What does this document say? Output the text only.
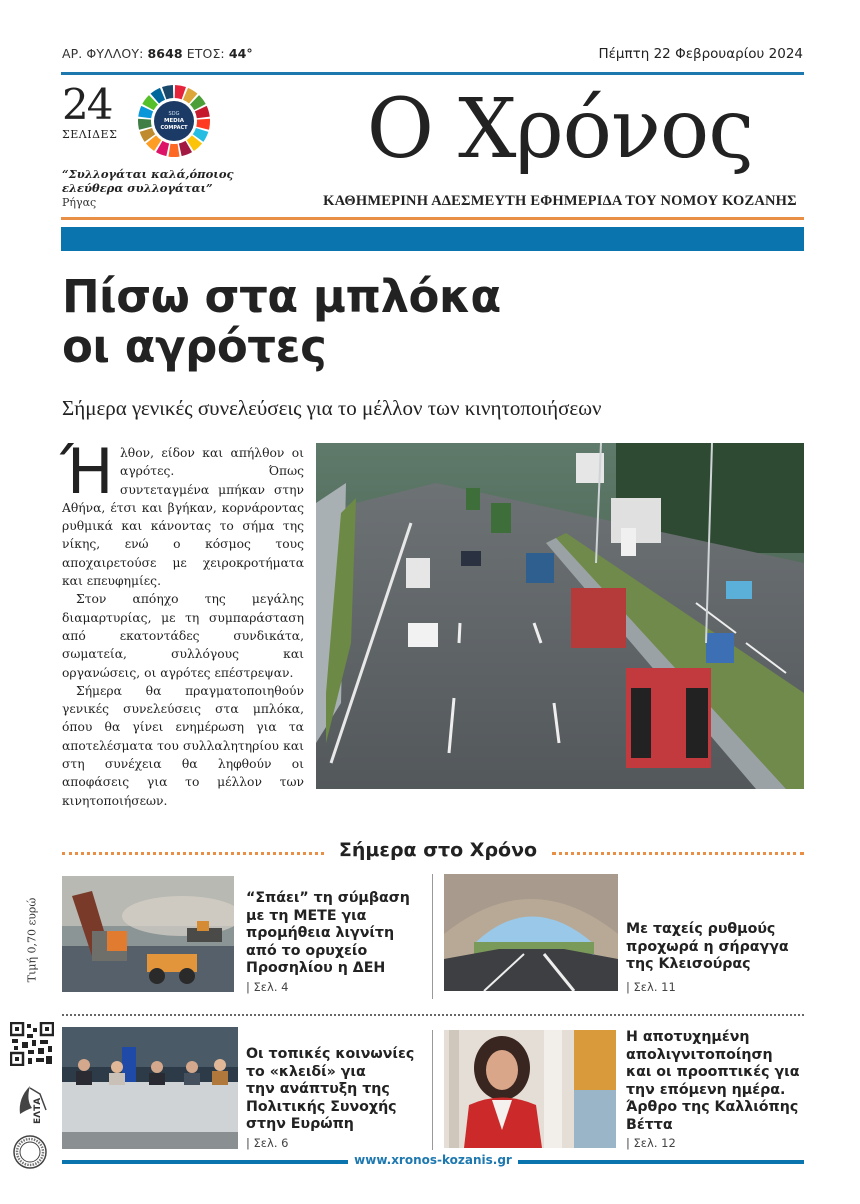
ΑΡ. ΦΥΛΛΟΥ: 8648 ΕΤΟΣ: 44°	Πέμπτη 22 Φεβρουαρίου 2024
24
ΣΕΛΙΔΕΣ
SDG
MEDIA
COMPACT
“Συλλογάται καλά,όποιος
ελεύθερα συλλογάται”
Ρήγας
Ο Χρόνος
ΚΑΘΗΜΕΡΙΝΗ ΑΔΕΣΜΕΥΤΗ ΕΦΗΜΕΡΙΔΑ ΤΟΥ ΝΟΜΟΥ ΚΟΖΑΝΗΣ
Πίσω στα μπλόκα
οι αγρότες
Σήμερα γενικές συνελεύσεις για το μέλλον των κινητοποιήσεων

Ήλθον, είδον και απήλθον οι αγρότες. Όπως συντεταγμένα μπήκαν στην Αθήνα, έτσι και βγήκαν, κορνάροντας ρυθμικά και κάνοντας το σήμα της νίκης, ενώ ο κόσμος τους αποχαιρετούσε με χειροκροτήματα και επευφημίες.

Στον απόηχο της μεγάλης διαμαρτυρίας, με τη συμπαράσταση από εκατοντάδες συνδικάτα, σωματεία, συλλόγους και οργανώσεις, οι αγρότες επέστρεψαν.

Σήμερα θα πραγματοποιηθούν γενικές συνελεύσεις στα μπλόκα, όπου θα γίνει ενημέρωση για τα αποτελέσματα του συλλαλητηρίου και στη συνέχεια θα ληφθούν οι αποφάσεις για το μέλλον των κινητοποιήσεων.

Σήμερα στο Χρόνο
Τιμή 0,70 ευρώ	“Σπάει” τη σύμβαση
με τη ΜΕΤΕ για
προμήθεια λιγνίτη
από το ορυχείο
Προσηλίου η ΔΕΗ
| Σελ. 4
Με ταχείς ρυθμούς
προχωρά η σήραγγα
της Κλεισούρας
| Σελ. 11
Οι τοπικές κοινωνίες
το «κλειδί» για
την ανάπτυξη της
Πολιτικής Συνοχής
στην Ευρώπη
| Σελ. 6
Η αποτυχημένη
απολιγνιτοποίηση
και οι προοπτικές για
την επόμενη ημέρα.
Άρθρο της Καλλιόπης
Βέττα
| Σελ. 12
ΕΛΤΑ
www.xronos-kozanis.gr
